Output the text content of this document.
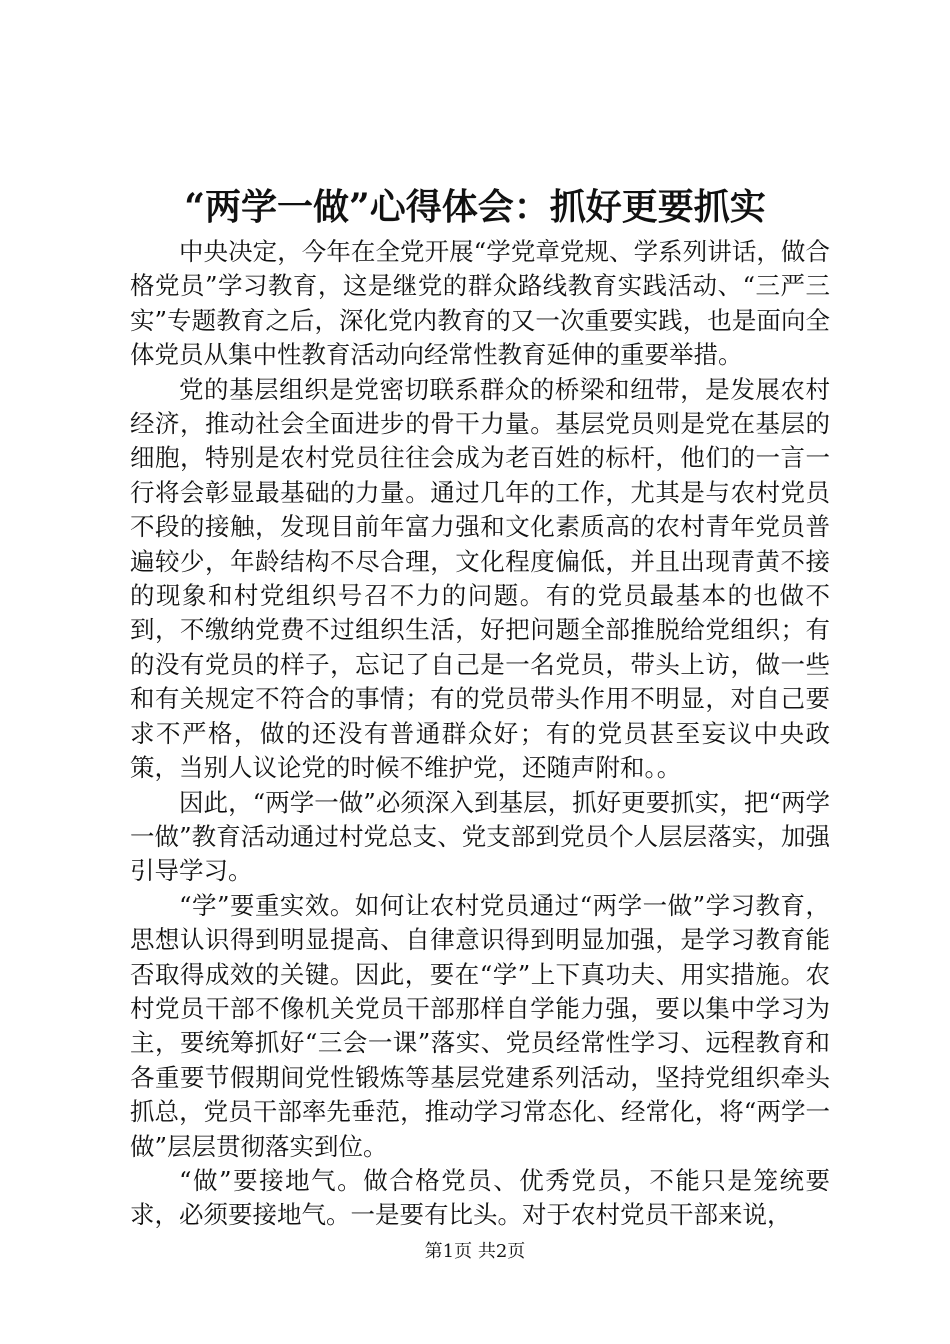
“两学一做”心得体会：抓好更要抓实

中央决定，今年在全党开展“学党章党规、学系列讲话，做合格党员”学习教育，这是继党的群众路线教育实践活动、“三严三实”专题教育之后，深化党内教育的又一次重要实践，也是面向全体党员从集中性教育活动向经常性教育延伸的重要举措。

党的基层组织是党密切联系群众的桥梁和纽带，是发展农村经济，推动社会全面进步的骨干力量。基层党员则是党在基层的细胞，特别是农村党员往往会成为老百姓的标杆，他们的一言一行将会彰显最基础的力量。通过几年的工作，尤其是与农村党员不段的接触，发现目前年富力强和文化素质高的农村青年党员普遍较少，年龄结构不尽合理，文化程度偏低，并且出现青黄不接的现象和村党组织号召不力的问题。有的党员最基本的也做不到，不缴纳党费不过组织生活，好把问题全部推脱给党组织；有的没有党员的样子，忘记了自己是一名党员，带头上访，做一些和有关规定不符合的事情；有的党员带头作用不明显，对自己要求不严格，做的还没有普通群众好；有的党员甚至妄议中央政策，当别人议论党的时候不维护党，还随声附和。。

因此，“两学一做”必须深入到基层，抓好更要抓实，把“两学一做”教育活动通过村党总支、党支部到党员个人层层落实，加强引导学习。

“学”要重实效。如何让农村党员通过“两学一做”学习教育，思想认识得到明显提高、自律意识得到明显加强，是学习教育能否取得成效的关键。因此，要在“学”上下真功夫、用实措施。农村党员干部不像机关党员干部那样自学能力强，要以集中学习为主，要统筹抓好“三会一课”落实、党员经常性学习、远程教育和各重要节假期间党性锻炼等基层党建系列活动，坚持党组织牵头抓总，党员干部率先垂范，推动学习常态化、经常化，将“两学一做”层层贯彻落实到位。

“做”要接地气。做合格党员、优秀党员，不能只是笼统要求，必须要接地气。一是要有比头。对于农村党员干部来说，

第1页 共2页
